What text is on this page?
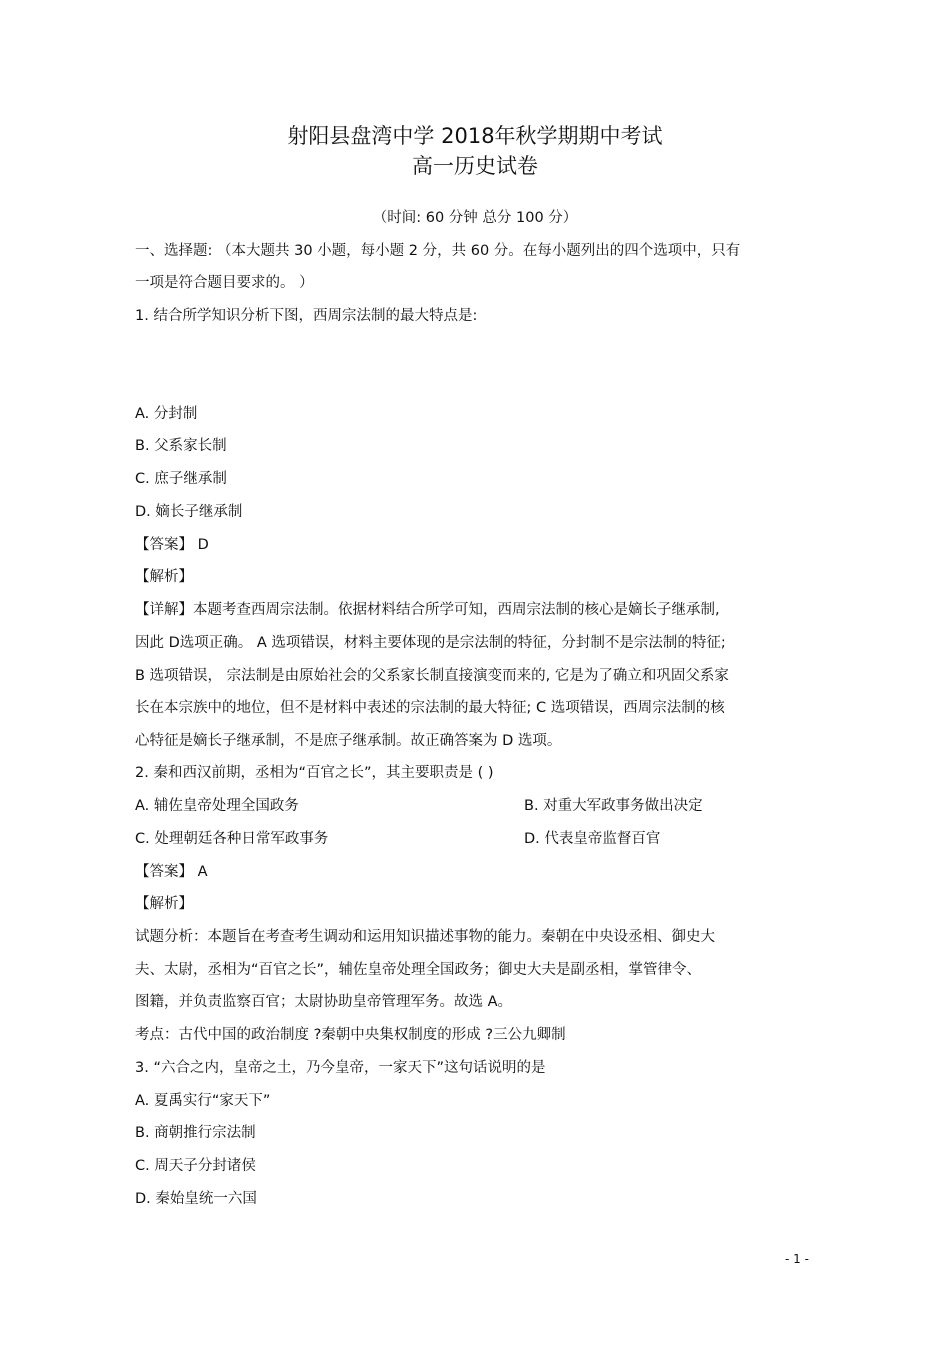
射阳县盘湾中学 2018年秋学期期中考试
高一历史试卷
（时间: 60 分钟 总分 100 分）
一、选择题: （本大题共 30 小题，每小题 2 分，共 60 分。在每小题列出的四个选项中，只有
一项是符合题目要求的。 ）
1. 结合所学知识分析下图，西周宗法制的最大特点是:
A. 分封制
B. 父系家长制
C. 庶子继承制
D. 嫡长子继承制
【答案】 D
【解析】
【详解】本题考查西周宗法制。依据材料结合所学可知，西周宗法制的核心是嫡长子继承制,
因此 D选项正确。 A 选项错误，材料主要体现的是宗法制的特征，分封制不是宗法制的特征;
B 选项错误， 宗法制是由原始社会的父系家长制直接演变而来的, 它是为了确立和巩固父系家
长在本宗族中的地位，但不是材料中表述的宗法制的最大特征; C 选项错误，西周宗法制的核
心特征是嫡长子继承制，不是庶子继承制。故正确答案为 D 选项。
2. 秦和西汉前期，丞相为“百官之长”，其主要职责是 ( )
A. 辅佐皇帝处理全国政务	B. 对重大军政事务做出决定
C. 处理朝廷各种日常军政事务	D. 代表皇帝监督百官
【答案】 A
【解析】
试题分析：本题旨在考查考生调动和运用知识描述事物的能力。秦朝在中央设丞相、御史大
夫、太尉，丞相为“百官之长”，辅佐皇帝处理全国政务；御史大夫是副丞相，掌管律令、
图籍，并负责监察百官；太尉协助皇帝管理军务。故选 A。
考点：古代中国的政治制度 ?秦朝中央集权制度的形成 ?三公九卿制
3. “六合之内，皇帝之土，乃今皇帝，一家天下”这句话说明的是
A. 夏禹实行“家天下”
B. 商朝推行宗法制
C. 周天子分封诸侯
D. 秦始皇统一六国
- 1 -
